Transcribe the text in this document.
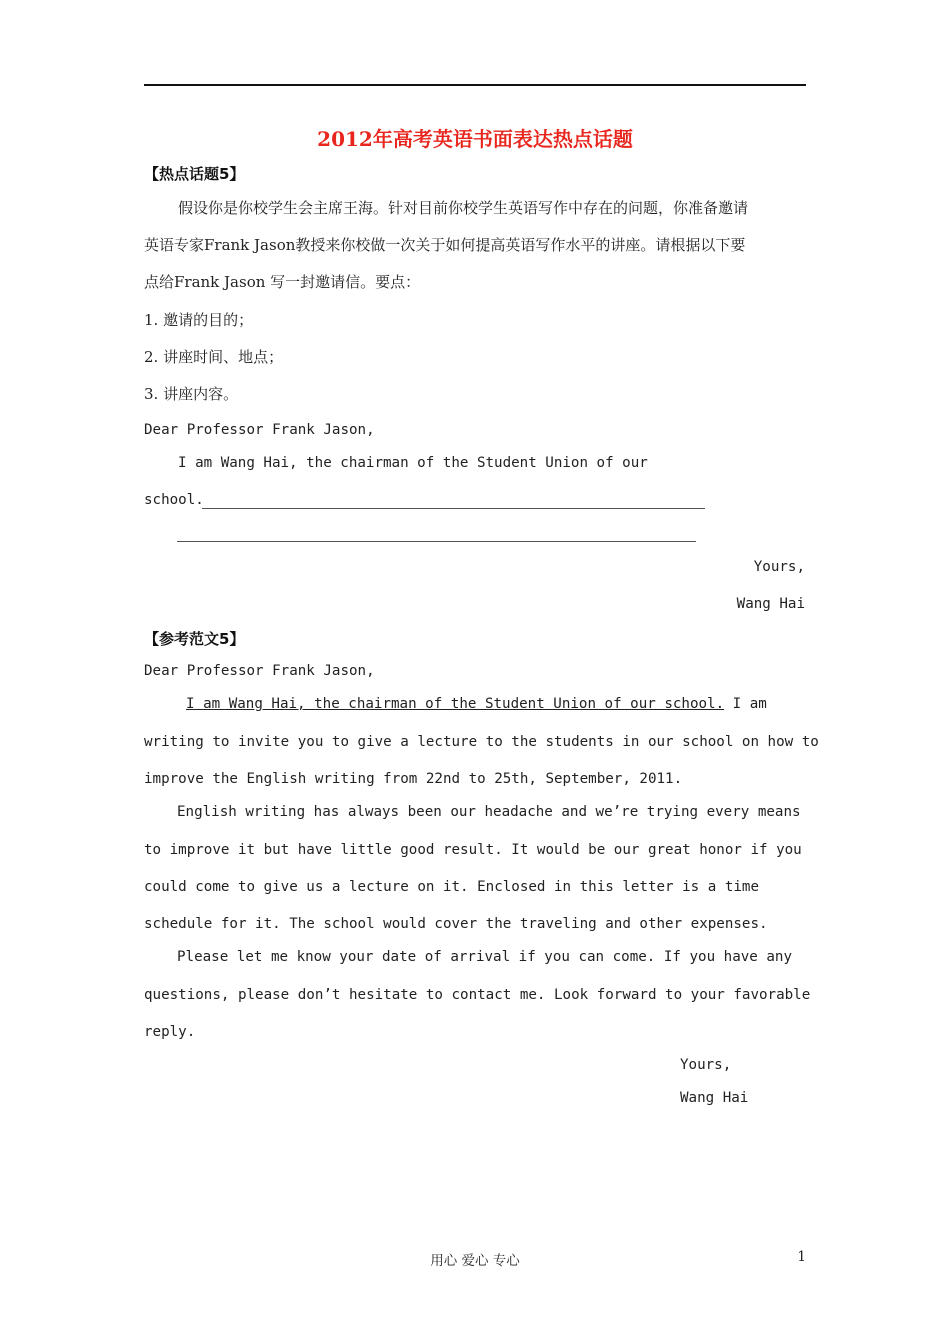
2012年高考英语书面表达热点话题
【热点话题5】
假设你是你校学生会主席王海。针对目前你校学生英语写作中存在的问题，你准备邀请
英语专家Frank Jason教授来你校做一次关于如何提高英语写作水平的讲座。请根据以下要
点给Frank Jason 写一封邀请信。要点：
1. 邀请的目的；
2. 讲座时间、地点；
3. 讲座内容。
Dear Professor Frank Jason,
I am Wang Hai, the chairman of the Student Union of our
school.
Yours,
Wang Hai
【参考范文5】
Dear Professor Frank Jason,
I am Wang Hai, the chairman of the Student Union of our school. I am
writing to invite you to give a lecture to the students in our school on how to
improve the English writing from 22nd to 25th, September, 2011.
English writing has always been our headache and we’re trying every means
to improve it but have little good result. It would be our great honor if you
could come to give us a lecture on it. Enclosed in this letter is a time
schedule for it. The school would cover the traveling and other expenses.
Please let me know your date of arrival if you can come. If you have any
questions, please don’t hesitate to contact me. Look forward to your favorable
reply.
Yours,
Wang Hai
用心 爱心 专心	1
